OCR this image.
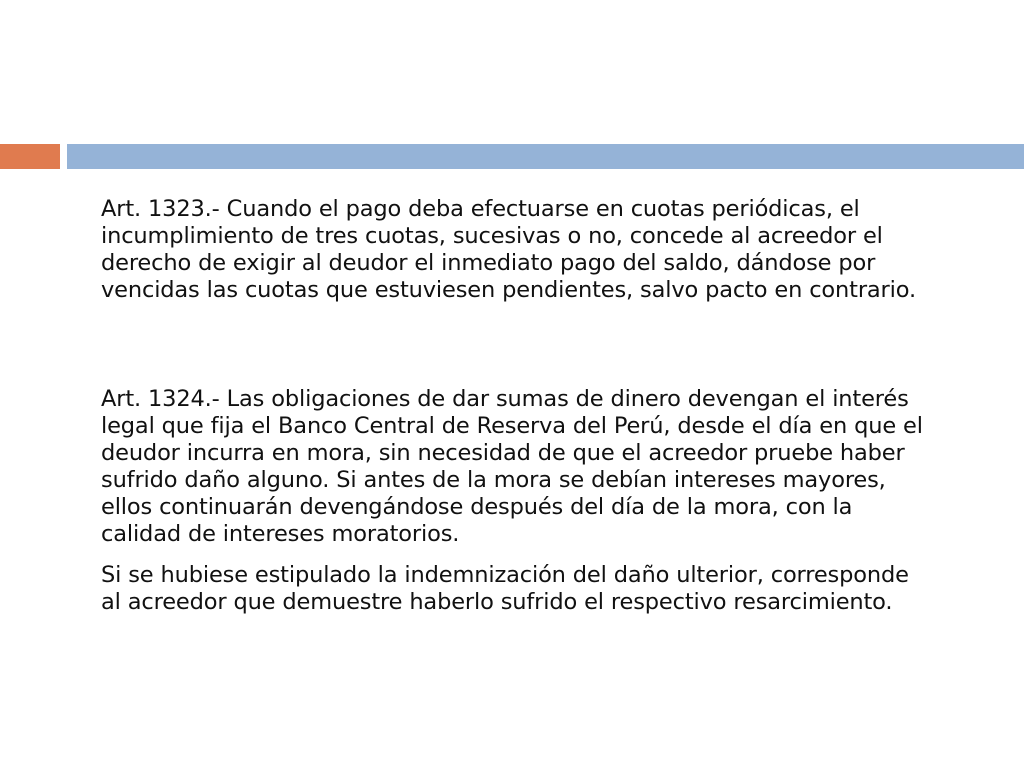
Art. 1323.- Cuando el pago deba efectuarse en cuotas periódicas, el incumplimiento de tres cuotas, sucesivas o no, concede al acreedor el derecho de exigir al deudor el inmediato pago del saldo, dándose por vencidas las cuotas que estuviesen pendientes, salvo pacto en contrario.

Art. 1324.- Las obligaciones de dar sumas de dinero devengan el interés legal que fija el Banco Central de Reserva del Perú, desde el día en que el deudor incurra en mora, sin necesidad de que el acreedor pruebe haber sufrido daño alguno. Si antes de la mora se debían intereses mayores, ellos continuarán devengándose después del día de la mora, con la calidad de intereses moratorios.

Si se hubiese estipulado la indemnización del daño ulterior, corresponde al acreedor que demuestre haberlo sufrido el respectivo resarcimiento.
